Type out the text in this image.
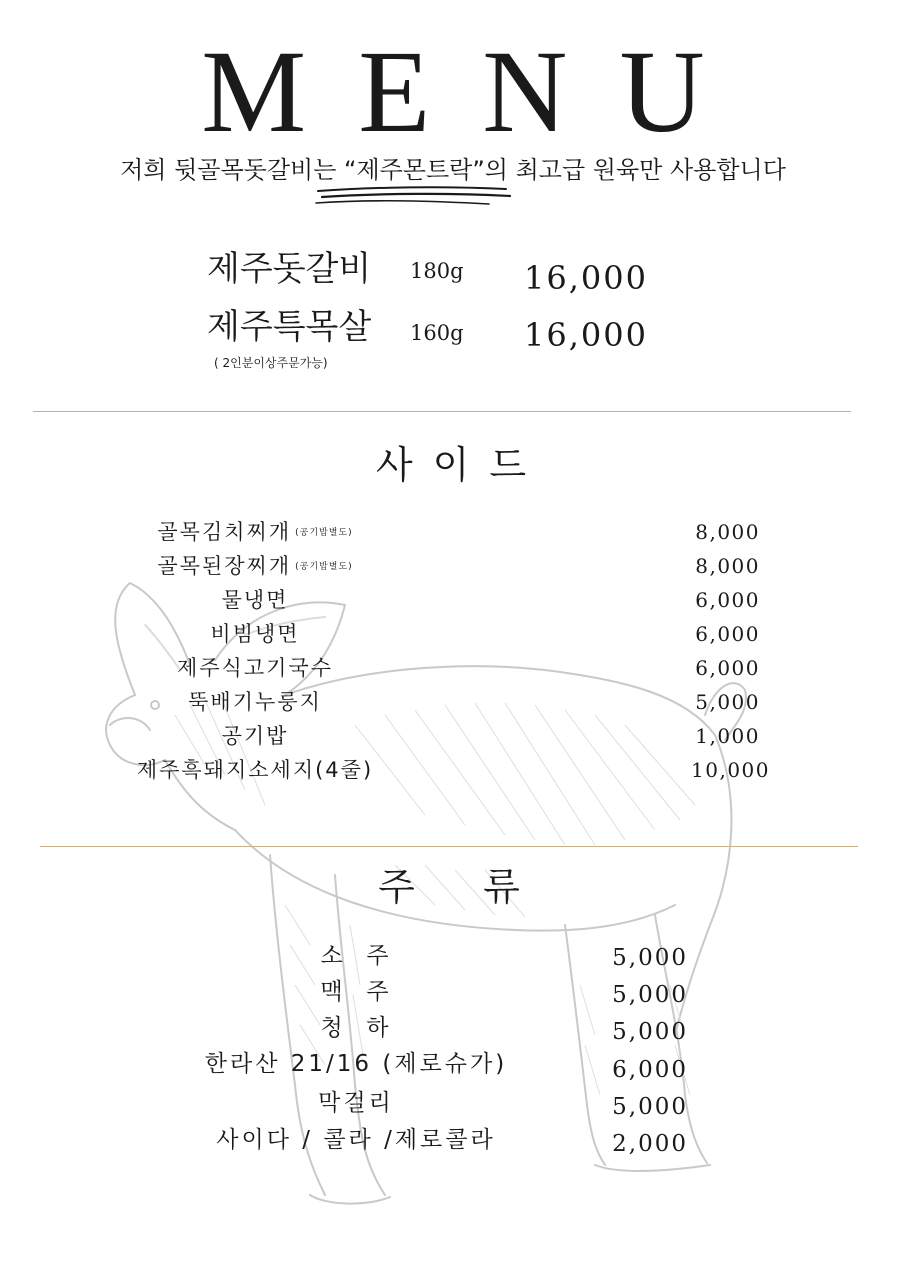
MENU
저희 뒷골목돗갈비는 “제주몬트락”의 최고급 원육만 사용합니다
제주돗갈비 180g 16,000
제주특목살 160g 16,000
( 2인분이상주문가능)
사 이 드
골목김치찌개 (공기밥별도)	8,000
골목된장찌개 (공기밥별도)	8,000
물냉면	6,000
비빔냉면	6,000
제주식고기국수	6,000
뚝배기누룽지	5,000
공기밥	1,000
제주흑돼지소세지(4줄)	10,000
주   류
소  주	5,000
맥  주	5,000
청  하	5,000
한라산 21/16 (제로슈가)	6,000
막걸리	5,000
사이다 / 콜라 /제로콜라	2,000
